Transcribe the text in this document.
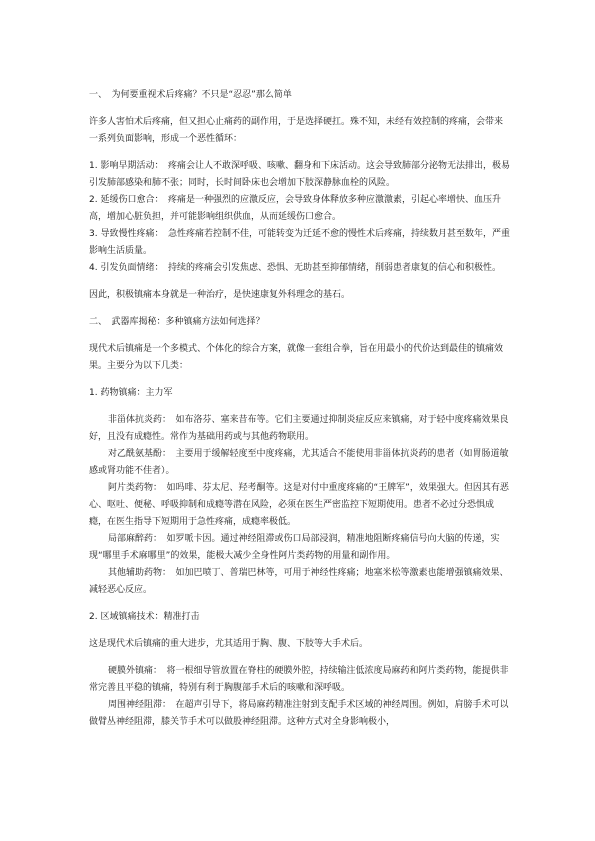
一、　为何要重视术后疼痛？不只是“忍忍”那么简单

许多人害怕术后疼痛，但又担心止痛药的副作用，于是选择硬扛。殊不知，未经有效控制的疼痛，会带来一系列负面影响，形成一个恶性循环：

1. 影响早期活动：　疼痛会让人不敢深呼吸、咳嗽、翻身和下床活动。这会导致肺部分泌物无法排出，极易引发肺部感染和肺不张；同时，长时间卧床也会增加下肢深静脉血栓的风险。

2. 延缓伤口愈合：　疼痛是一种强烈的应激反应，会导致身体释放多种应激激素，引起心率增快、血压升高，增加心脏负担，并可能影响组织供血，从而延缓伤口愈合。

3. 导致慢性疼痛：　急性疼痛若控制不佳，可能转变为迁延不愈的慢性术后疼痛，持续数月甚至数年，严重影响生活质量。

4. 引发负面情绪：　持续的疼痛会引发焦虑、恐惧、无助甚至抑郁情绪，削弱患者康复的信心和积极性。

因此，积极镇痛本身就是一种治疗，是快速康复外科理念的基石。

二、　武器库揭秘：多种镇痛方法如何选择？

现代术后镇痛是一个多模式、个体化的综合方案，就像一套组合拳，旨在用最小的代价达到最佳的镇痛效果。主要分为以下几类：

1. 药物镇痛：主力军

非甾体抗炎药：　如布洛芬、塞来昔布等。它们主要通过抑制炎症反应来镇痛，对于轻中度疼痛效果良好，且没有成瘾性。常作为基础用药或与其他药物联用。

对乙酰氨基酚：　主要用于缓解轻度至中度疼痛，尤其适合不能使用非甾体抗炎药的患者（如胃肠道敏感或肾功能不佳者）。

阿片类药物：　如吗啡、芬太尼、羟考酮等。这是对付中重度疼痛的“王牌军”，效果强大。但因其有恶心、呕吐、便秘、呼吸抑制和成瘾等潜在风险，必须在医生严密监控下短期使用。患者不必过分恐惧成瘾，在医生指导下短期用于急性疼痛，成瘾率极低。

局部麻醉药：　如罗哌卡因。通过神经阻滞或伤口局部浸润，精准地阻断疼痛信号向大脑的传递，实现“哪里手术麻哪里”的效果，能极大减少全身性阿片类药物的用量和副作用。

其他辅助药物：　如加巴喷丁、普瑞巴林等，可用于神经性疼痛；地塞米松等激素也能增强镇痛效果、减轻恶心反应。

2. 区域镇痛技术：精准打击

这是现代术后镇痛的重大进步，尤其适用于胸、腹、下肢等大手术后。

硬膜外镇痛：　将一根细导管放置在脊柱的硬膜外腔，持续输注低浓度局麻药和阿片类药物，能提供非常完善且平稳的镇痛，特别有利于胸腹部手术后的咳嗽和深呼吸。

周围神经阻滞：　在超声引导下，将局麻药精准注射到支配手术区域的神经周围。例如，肩膀手术可以做臂丛神经阻滞，膝关节手术可以做股神经阻滞。这种方式对全身影响极小，
